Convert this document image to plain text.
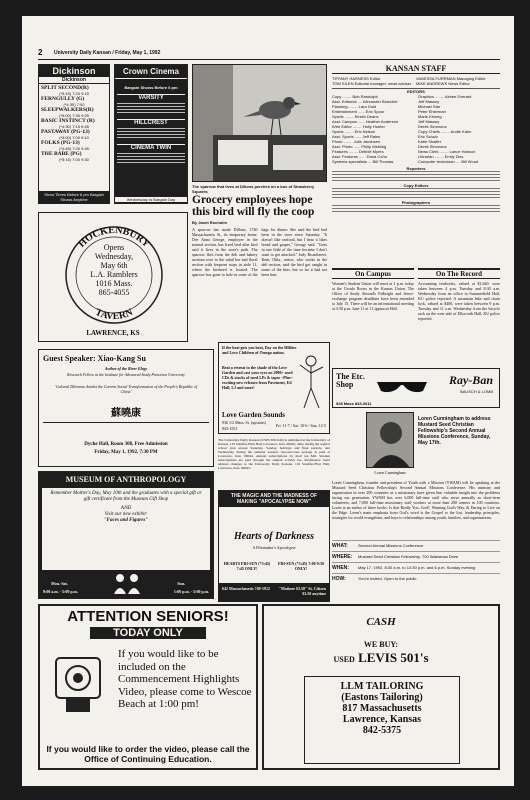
2 University Daily Kansan / Friday, May 1, 1992
Dickinson
Dickinson
SPLIT SECOND(R)
(*5:15) 7:20 9:15
FERNGULLY (G)
(*4:30) 7:00
SLEEPWALKERS(R)
(*5:00) 7:30 9:25
BASIC INSTINCT (R)
(*4:30) 7:15 9:45
PASTAWAY (PG-13)
(*5:00) 7:00 9:10
FOLKS (PG-13)
(*4:45) 7:20 9:45
THE BABE (PG)
(*5:15) 7:00 9:30
Show Times Before 6 pm Bargain Shows Anytime
Crown Cinema
Bargain Shows Before 6 pm
VARSITY
HILLCREST
CINEMA TWIN
Wednesday Is Bargain Day
The sparrow that lives at Dillons perches on a box of Strawberry Squares
Grocery employees hope this bird will fly the coop
By Janet Rocholm
A sparrow has made Dillons, 1740 Massachusetts St., its temporary home. Dee Anna George, employee in the natural section, has fixed bird after bird said it lives in the store's path. The sparrow flies from the deli and bakery sections over to the salad bar and floral section with frequent stops in aisle 11, where the birdseed is located. The sparrow has gone to hole in some of the bags for dinner. She said the bird had been in the store since Saturday. "It doesn't like seafood, but I hear it likes bread and grapes," George said. "Goes in one little of the time because I don't want to get attacked." Judy Broadstreet, Kent, Okla., senior, who works in the deli section, said the bird got caught in some of the bins, but so far it had not been hurt.
KANSAN STAFF
TIFFANY HARNESS Editor	VANESSA FURRMAN Managing Editor
TOM SILEN Editorial manager, news adviser	MIKE ANDREWS News Editor
EDITORS
Copy ........ Bob Randolph
Asst. Editorial .... Alexander Bloechel
Planning ........ Lara Gold
Entertainment ...... Eric Spoor
Sports ........ Kirstin Deans
Asst. Campus ...... Heather Anderson
Wire Editor ........ Holly Hunter
Sports ........ Eric Nelson
Asst. Sports ...... Jeff Rains
Photo ........ Julie Jacobsen
Asst. Photo ...... Philip Mehling
Features ........ Debbie Myers
Asst. Features ...... Dana Cohn
Systems specialists ... Bill Thomas
Graphics ........ Aimee Everard
Jeff Massey
Michael Star
Peter Ehlerman
Marie Kinneg
Jeff Massey
Derek Simmons
Copy Chiefs ........ Andie Kahn
Eric Schulz
Katie Shaffer
Derek Simmons
News Clerk ........ Lance Hobson
Librarian ........ Emily Dixs
Computer technician .... Bill Wood
Reporters
Copy Editors
Photographers
On Campus
Women's Student Union will meet at 1 p.m. today at the Ursula Room in the Kansas Union. The Office of Study Abroad's Fulbright and direct-exchange program deadlines have been extended to July 15. There will be an informational meeting at 3:30 p.m. June 11 at 1 Lippincott Hall.
On The Record
Accounting textbooks, valued at $1,640, were taken between 4 p.m. Tuesday and 8:30 a.m. Wednesday from an office in Summerfield Hall, KU police reported. A mountain bike and chain lock, valued at $400, were taken between 9 p.m. Tuesday and 11 a.m. Wednesday from the bicycle rack on the west side of Ellsworth Hall, KU police reported.
HOCKENBURY
TAVERN
Opens
Wednesday,
May 6th
L.A. Ramblers
1016 Mass.
865-4055
LAWRENCE, KS
If the heat gets you beat, Day on the Hillites and Love Children of Omega nation.
Beat a retreat to the shade of the Love Garden and cast your eyes on 2000+ used CDs & stacks of used LPs & tapes ~Plus~ exciting new releases from Pavement, Ed Hall, LJ and more!
Love Garden Sounds
936 1/2 Mass. St. (upstairs)
843-1551
Fri. 11-7 / Sat. 10-6 / Sun. 12-5
The Etc. Shop
928 Mass 843-0611
Ray-Ban
BAUSCH & LOMB
Guest Speaker: Xiao-Kang Su
Author of the River Elegy
Research Fellow at the Institute for Advanced Study Princeton University
'Cultural Dilemma Amidst the Current Social Transformation of the People's Republic of China'
蘇曉康
Dyche Hall, Room 308, Free Admission
Friday, May 1, 1992, 7:30 PM
The University Daily Kansan (USPS 650-640) is published at the University of Kansas, 119 Stauffer-Flint Hall, Lawrence, Kan. 66045, daily during the regular school year except Saturday, Sunday, holidays and final periods, and Wednesday during the summer session. Second-class postage is paid at Lawrence, Kan. 66044. Annual subscriptions by mail are $40. Student subscriptions are paid through the student activity fee. Postmaster: Send address changes to the University Daily Kansan, 119 Stauffer-Flint Hall, Lawrence, Kan. 66045.
Loren Cunningham
Loren Cunningham to address Mustard Seed Christian Fellowship's Second Annual Missions Conference, Sunday, May 17th.
Loren Cunningham, founder and president of Youth with a Mission (YWAM) will be speaking at the Mustard Seed Christian Fellowship's Second Annual Missions Conference. His ministry and organization in over 200 countries as a missionary have given him valuable insight into the problems facing our generation. YWAM has over 6,000 full-time staff who serve annually as short-term volunteers, and 7,000 full-time missionary staff workers at more than 200 centers in 100 countries. Loren is an author of three books: Is that Really You, God?, Winning God's Way, & Daring to Live on the Edge. Loren's main emphasis from God's word is the Gospel to the lost, leadership principles, strategies for world evangelism, and keys to relationships among youth, families, and organizations.
WHAT:	Second Annual Missions Conference
WHERE:	Mustard Seed Christian Fellowship, 700 Wakarusa Drive
WHEN:	May 17, 1992, 8:30 a.m. to 12:30 p.m. and 6 p.m. Sunday evening
HOW:	You're invited. Open to the public.
MUSEUM OF ANTHROPOLOGY
Remember Mother's Day, May 10th and the graduates with a special gift or gift certificate from the Museum Gift Shop
AND
Visit our new exhibit:
"Faces and Figures"
Mon.-Sat.
9:00 a.m. - 5:00 p.m.
Sun.
1:00 p.m. - 5:00 p.m.
THE MAGIC AND THE MADNESS OF MAKING "APOCALYPSE NOW"
Hearts of Darkness
A Filmmaker's Apocalypse
HEARTS FRI-SUN (*3:45) 7:45 ONLY!
FRI-SUN (*3:45) 7:00 9:30 ONLY!
642 Massachusetts 749-1912	"Matinee $3.50" St. Citizen $3.50 anytime
ATTENTION SENIORS!
TODAY ONLY
If you would like to be included on the Commencement Highlights Video, please come to Wescoe Beach at 1:00 pm!
If you would like to order the video, please call the Office of Continuing Education.
CASH
WE BUY:
USED LEVIS 501's
LLM TAILORING (Eastons Tailoring)
817 Massachusetts
Lawrence, Kansas
842-5375
